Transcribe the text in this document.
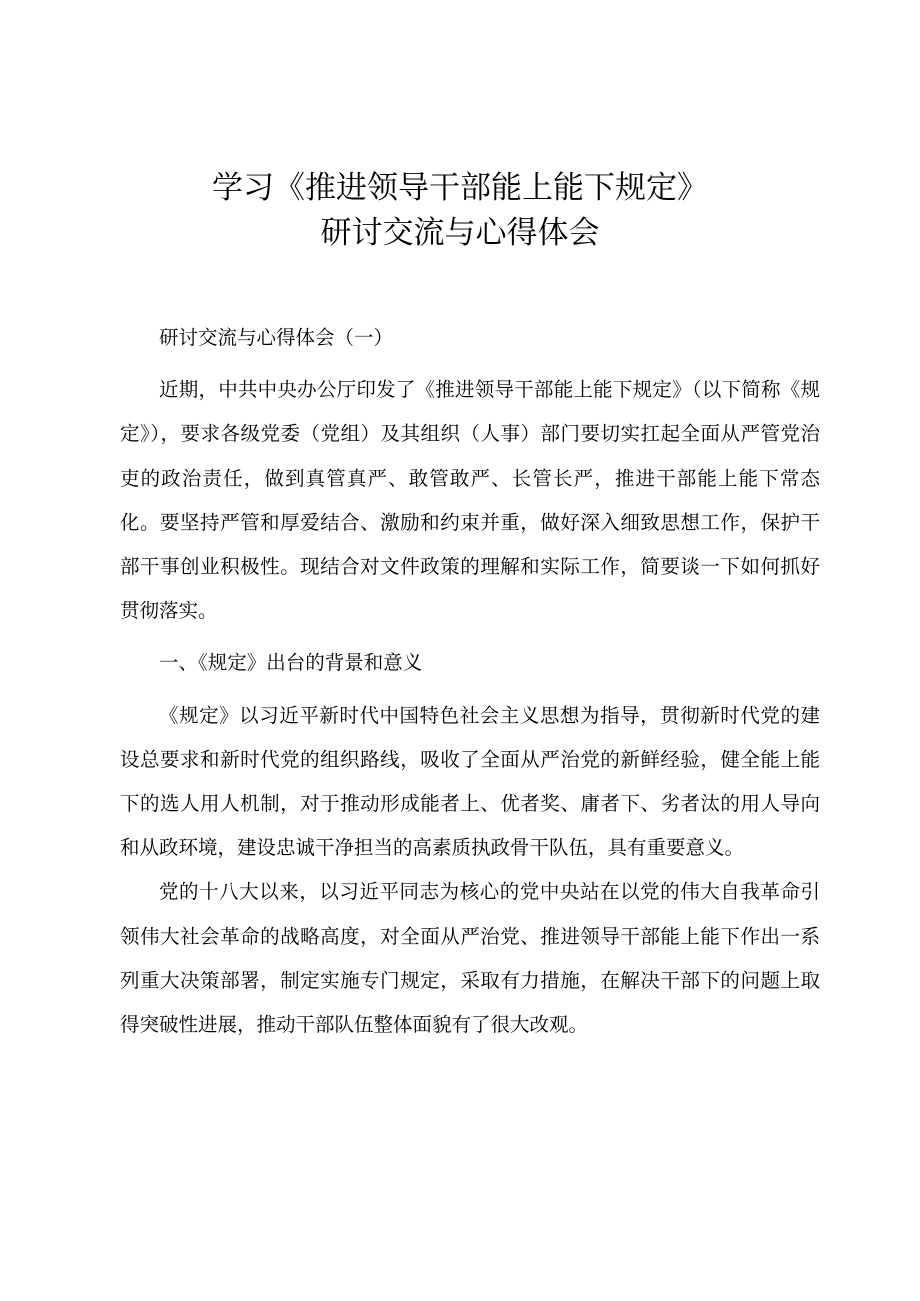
学习《推进领导干部能上能下规定》
研讨交流与心得体会

研讨交流与心得体会（一）

近期，中共中央办公厅印发了《推进领导干部能上能下规定》（以下简称《规定》），要求各级党委（党组）及其组织（人事）部门要切实扛起全面从严管党治吏的政治责任，做到真管真严、敢管敢严、长管长严，推进干部能上能下常态化。要坚持严管和厚爱结合、激励和约束并重，做好深入细致思想工作，保护干部干事创业积极性。现结合对文件政策的理解和实际工作，简要谈一下如何抓好贯彻落实。

一、《规定》出台的背景和意义

《规定》以习近平新时代中国特色社会主义思想为指导，贯彻新时代党的建设总要求和新时代党的组织路线，吸收了全面从严治党的新鲜经验，健全能上能下的选人用人机制，对于推动形成能者上、优者奖、庸者下、劣者汰的用人导向和从政环境，建设忠诚干净担当的高素质执政骨干队伍，具有重要意义。

党的十八大以来，以习近平同志为核心的党中央站在以党的伟大自我革命引领伟大社会革命的战略高度，对全面从严治党、推进领导干部能上能下作出一系列重大决策部署，制定实施专门规定，采取有力措施，在解决干部下的问题上取得突破性进展，推动干部队伍整体面貌有了很大改观。
